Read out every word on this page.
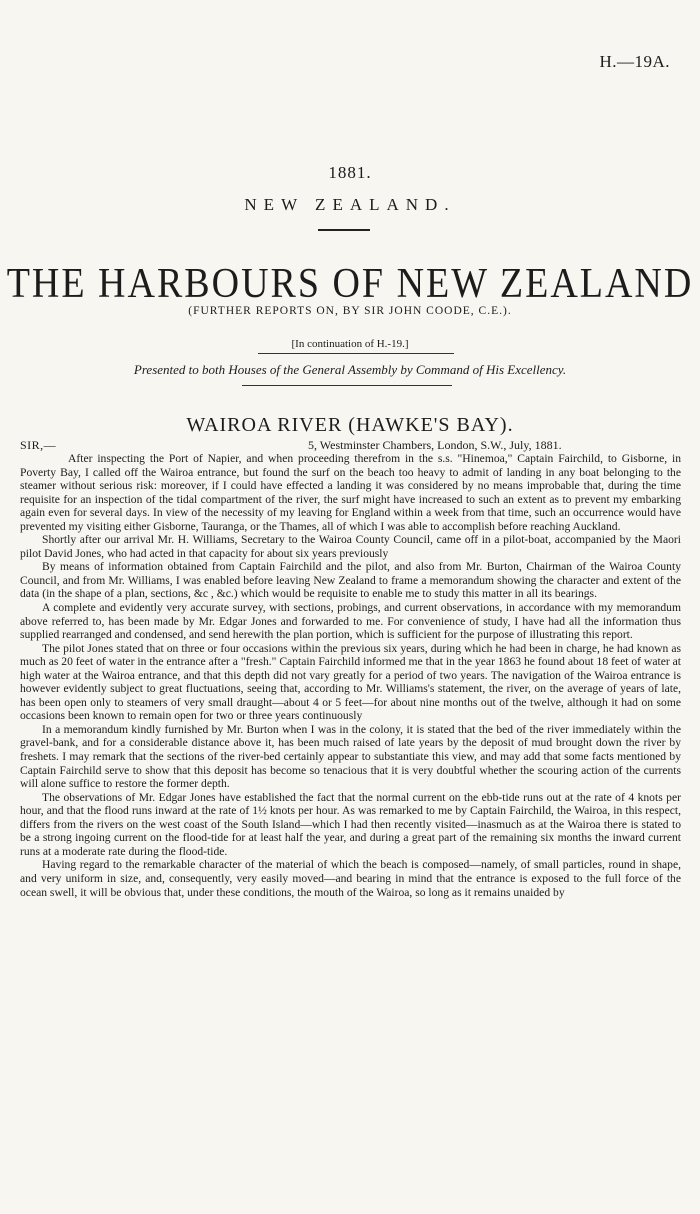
H.—19A.
1881.
NEW ZEALAND.
THE HARBOURS OF NEW ZEALAND
(FURTHER REPORTS ON, BY SIR JOHN COODE, C.E.).
[In continuation of H.-19.]
Presented to both Houses of the General Assembly by Command of His Excellency.
WAIROA RIVER (HAWKE'S BAY).
SIR,—	5, Westminster Chambers, London, S.W., July, 1881.

After inspecting the Port of Napier, and when proceeding therefrom in the s.s. "Hinemoa," Captain Fairchild, to Gisborne, in Poverty Bay, I called off the Wairoa entrance, but found the surf on the beach too heavy to admit of landing in any boat belonging to the steamer without serious risk: moreover, if I could have effected a landing it was considered by no means improbable that, during the time requisite for an inspection of the tidal compartment of the river, the surf might have increased to such an extent as to prevent my embarking again even for several days. In view of the necessity of my leaving for England within a week from that time, such an occurrence would have prevented my visiting either Gisborne, Tauranga, or the Thames, all of which I was able to accomplish before reaching Auckland.

Shortly after our arrival Mr. H. Williams, Secretary to the Wairoa County Council, came off in a pilot-boat, accompanied by the Maori pilot David Jones, who had acted in that capacity for about six years previously

By means of information obtained from Captain Fairchild and the pilot, and also from Mr. Burton, Chairman of the Wairoa County Council, and from Mr. Williams, I was enabled before leaving New Zealand to frame a memorandum showing the character and extent of the data (in the shape of a plan, sections, &c , &c.) which would be requisite to enable me to study this matter in all its bearings.

A complete and evidently very accurate survey, with sections, probings, and current observations, in accordance with my memorandum above referred to, has been made by Mr. Edgar Jones and forwarded to me. For convenience of study, I have had all the information thus supplied rearranged and condensed, and send herewith the plan portion, which is sufficient for the purpose of illustrating this report.

The pilot Jones stated that on three or four occasions within the previous six years, during which he had been in charge, he had known as much as 20 feet of water in the entrance after a "fresh." Captain Fairchild informed me that in the year 1863 he found about 18 feet of water at high water at the Wairoa entrance, and that this depth did not vary greatly for a period of two years. The navigation of the Wairoa entrance is however evidently subject to great fluctuations, seeing that, according to Mr. Williams's statement, the river, on the average of years of late, has been open only to steamers of very small draught—about 4 or 5 feet—for about nine months out of the twelve, although it had on some occasions been known to remain open for two or three years continuously

In a memorandum kindly furnished by Mr. Burton when I was in the colony, it is stated that the bed of the river immediately within the gravel-bank, and for a considerable distance above it, has been much raised of late years by the deposit of mud brought down the river by freshets. I may remark that the sections of the river-bed certainly appear to substantiate this view, and may add that some facts mentioned by Captain Fairchild serve to show that this deposit has become so tenacious that it is very doubtful whether the scouring action of the currents will alone suffice to restore the former depth.

The observations of Mr. Edgar Jones have established the fact that the normal current on the ebb-tide runs out at the rate of 4 knots per hour, and that the flood runs inward at the rate of 1½ knots per hour. As was remarked to me by Captain Fairchild, the Wairoa, in this respect, differs from the rivers on the west coast of the South Island—which I had then recently visited—inasmuch as at the Wairoa there is stated to be a strong ingoing current on the flood-tide for at least half the year, and during a great part of the remaining six months the inward current runs at a moderate rate during the flood-tide.

Having regard to the remarkable character of the material of which the beach is composed—namely, of small particles, round in shape, and very uniform in size, and, consequently, very easily moved—and bearing in mind that the entrance is exposed to the full force of the ocean swell, it will be obvious that, under these conditions, the mouth of the Wairoa, so long as it remains unaided by
